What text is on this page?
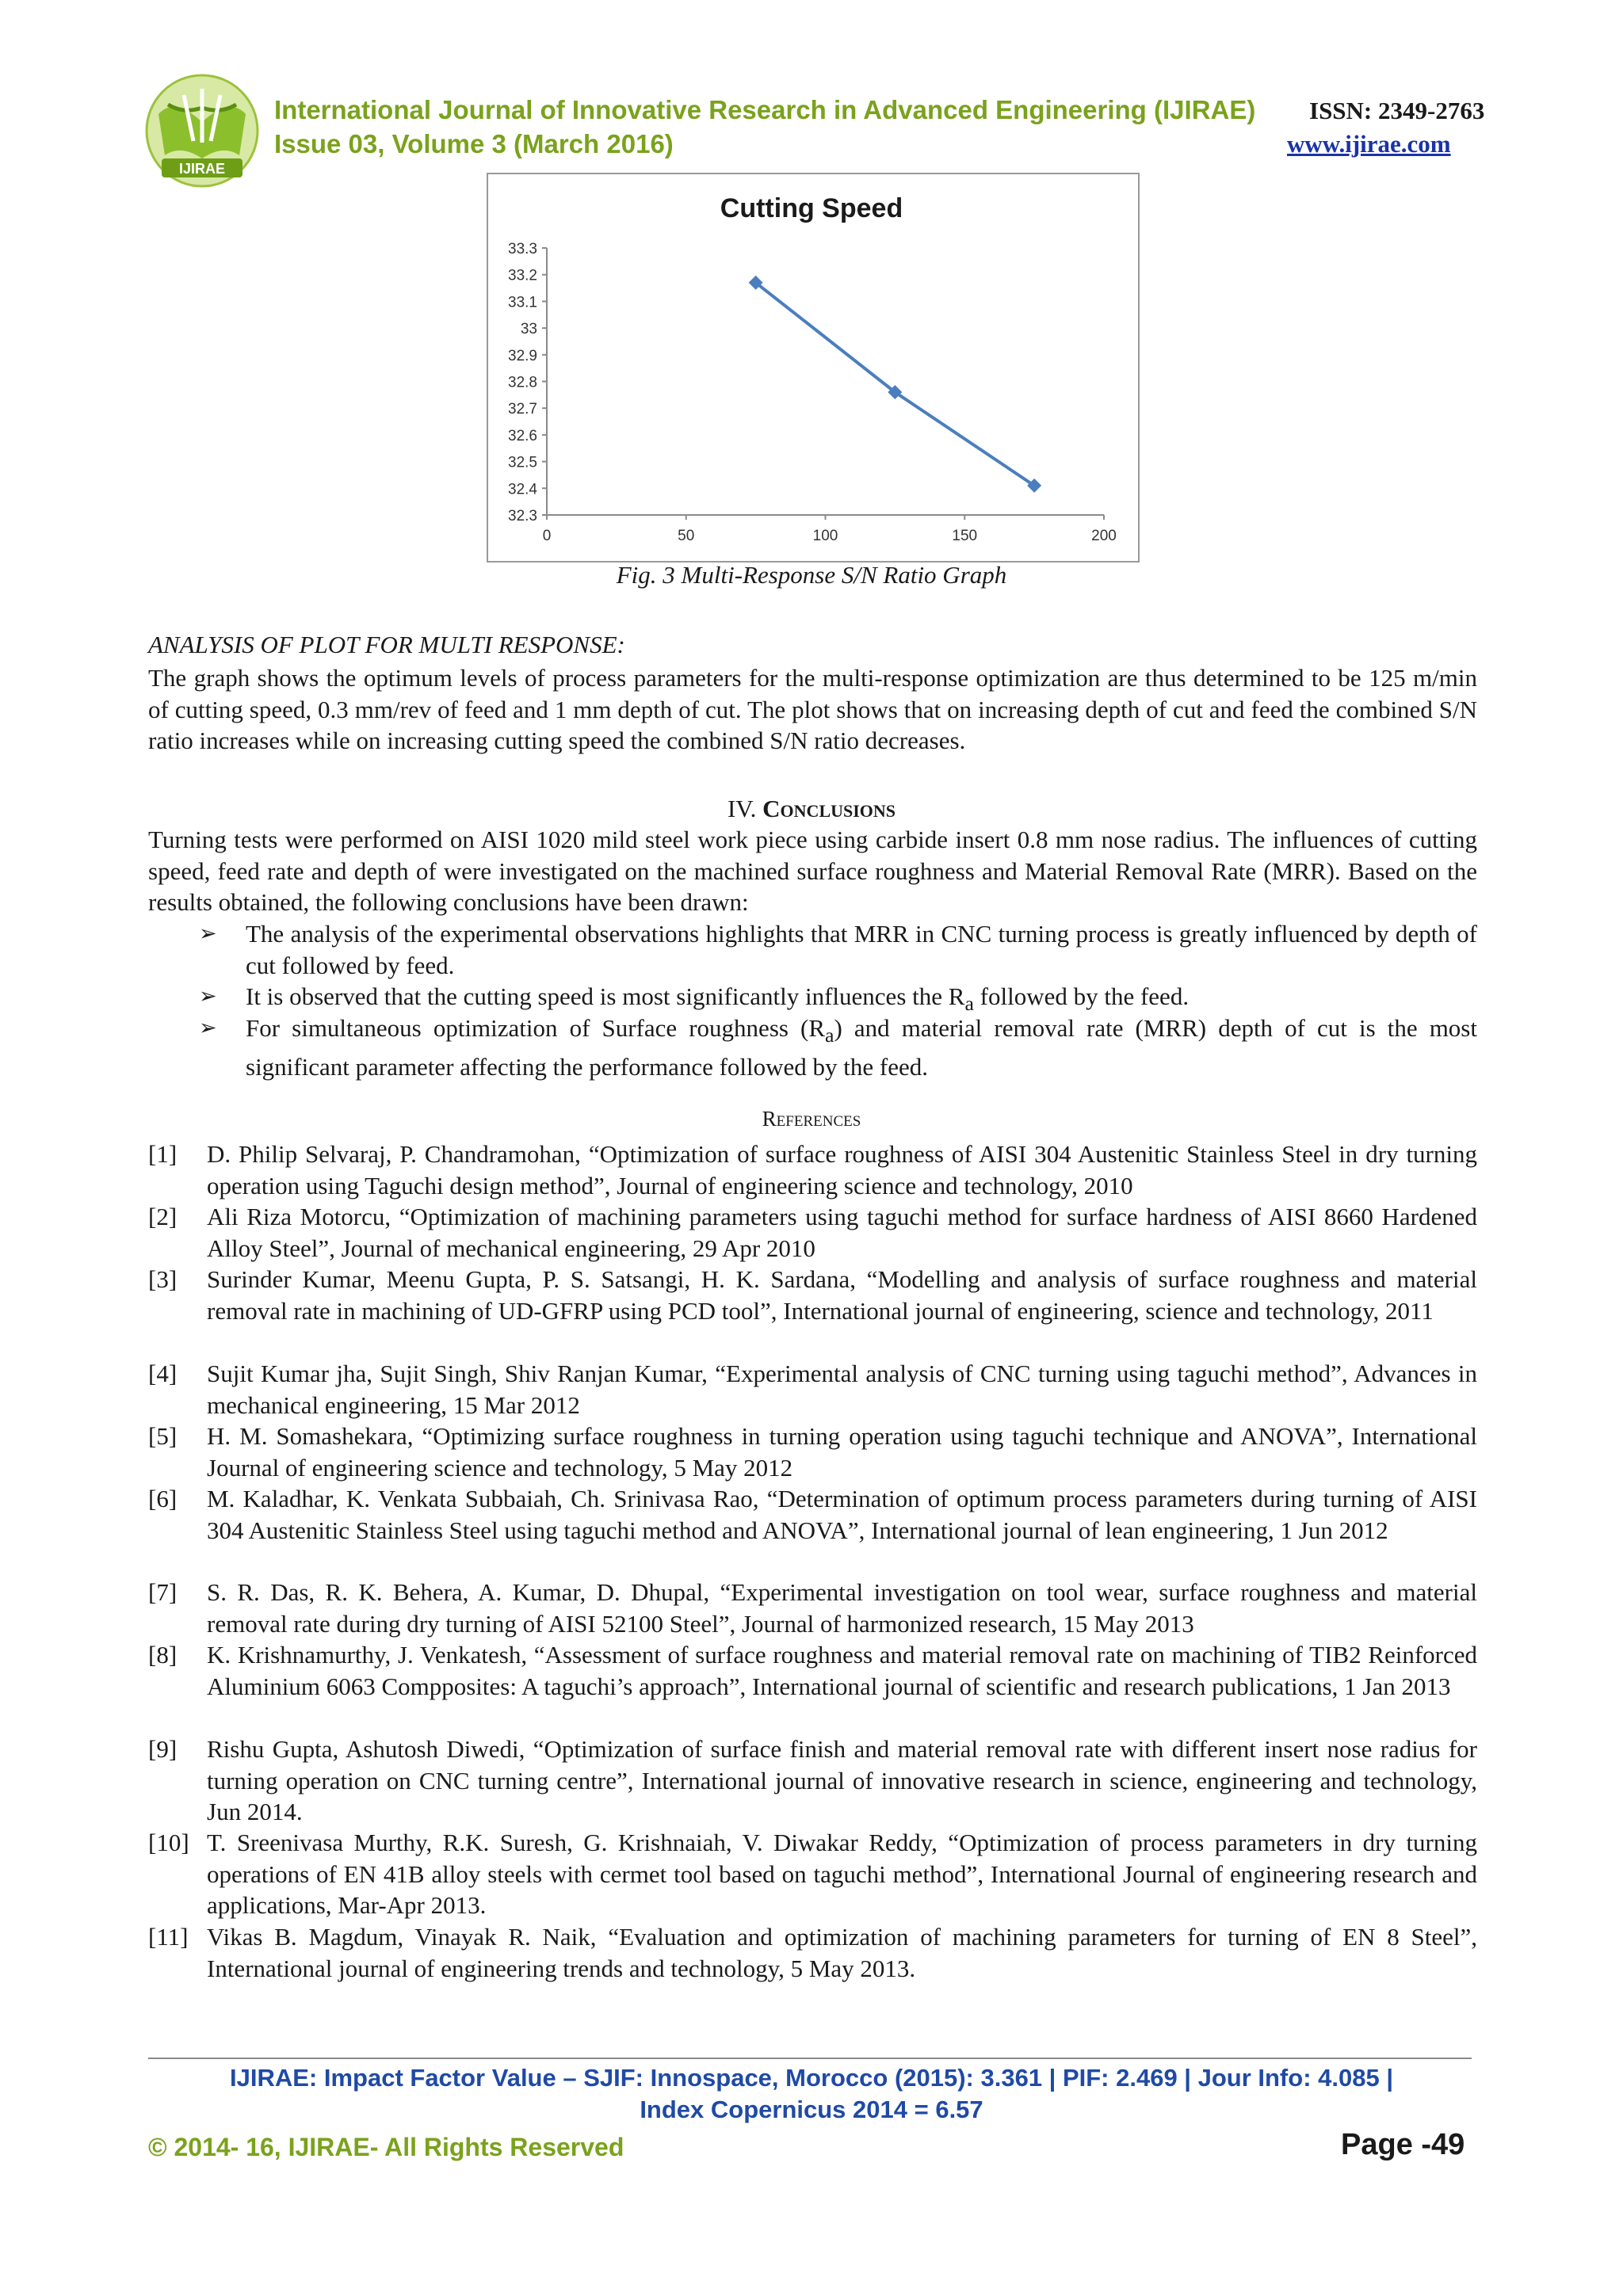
IJIRAE
International Journal of Innovative Research in Advanced Engineering (IJIRAE)
Issue 03, Volume 3 (March 2016)
ISSN: 2349-2763
www.ijirae.com
Cutting Speed
32.3
32.4
32.5
32.6
32.7
32.8
32.9
33
33.1
33.2
33.3
0	50	100	150	200
Fig. 3 Multi-Response S/N Ratio Graph
ANALYSIS OF PLOT FOR MULTI RESPONSE:
The graph shows the optimum levels of process parameters for the multi-response optimization are thus determined to be 125 m/min of cutting speed, 0.3 mm/rev of feed and 1 mm depth of cut. The plot shows that on increasing depth of cut and feed the combined S/N ratio increases while on increasing cutting speed the combined S/N ratio decreases.
IV. Conclusions
Turning tests were performed on AISI 1020 mild steel work piece using carbide insert 0.8 mm nose radius. The influences of cutting speed, feed rate and depth of were investigated on the machined surface roughness and Material Removal Rate (MRR). Based on the results obtained, the following conclusions have been drawn:
➢ The analysis of the experimental observations highlights that MRR in CNC turning process is greatly influenced by depth of cut followed by feed.
➢ It is observed that the cutting speed is most significantly influences the $R_a$ followed by the feed.
➢ For simultaneous optimization of Surface roughness $(R_a)$ and material removal rate (MRR) depth of cut is the most significant parameter affecting the performance followed by the feed.
References
[1] D. Philip Selvaraj, P. Chandramohan, “Optimization of surface roughness of AISI 304 Austenitic Stainless Steel in dry turning operation using Taguchi design method”, Journal of engineering science and technology, 2010
[2] Ali Riza Motorcu, “Optimization of machining parameters using taguchi method for surface hardness of AISI 8660 Hardened Alloy Steel”, Journal of mechanical engineering, 29 Apr 2010
[3] Surinder Kumar, Meenu Gupta, P. S. Satsangi, H. K. Sardana, “Modelling and analysis of surface roughness and material removal rate in machining of UD-GFRP using PCD tool”, International journal of engineering, science and technology, 2011
[4] Sujit Kumar jha, Sujit Singh, Shiv Ranjan Kumar, “Experimental analysis of CNC turning using taguchi method”, Advances in mechanical engineering, 15 Mar 2012
[5] H. M. Somashekara, “Optimizing surface roughness in turning operation using taguchi technique and ANOVA”, International Journal of engineering science and technology, 5 May 2012
[6] M. Kaladhar, K. Venkata Subbaiah, Ch. Srinivasa Rao, “Determination of optimum process parameters during turning of AISI 304 Austenitic Stainless Steel using taguchi method and ANOVA”, International journal of lean engineering, 1 Jun 2012
[7] S. R. Das, R. K. Behera, A. Kumar, D. Dhupal, “Experimental investigation on tool wear, surface roughness and material removal rate during dry turning of AISI 52100 Steel”, Journal of harmonized research, 15 May 2013
[8] K. Krishnamurthy, J. Venkatesh, “Assessment of surface roughness and material removal rate on machining of TIB2 Reinforced Aluminium 6063 Compposites: A taguchi’s approach”, International journal of scientific and research publications, 1 Jan 2013
[9] Rishu Gupta, Ashutosh Diwedi, “Optimization of surface finish and material removal rate with different insert nose radius for turning operation on CNC turning centre”, International journal of innovative research in science, engineering and technology, Jun 2014.
[10] T. Sreenivasa Murthy, R.K. Suresh, G. Krishnaiah, V. Diwakar Reddy, “Optimization of process parameters in dry turning operations of EN 41B alloy steels with cermet tool based on taguchi method”, International Journal of engineering research and applications, Mar-Apr 2013.
[11] Vikas B. Magdum, Vinayak R. Naik, “Evaluation and optimization of machining parameters for turning of EN 8 Steel”, International journal of engineering trends and technology, 5 May 2013.
IJIRAE: Impact Factor Value – SJIF: Innospace, Morocco (2015): 3.361 | PIF: 2.469 | Jour Info: 4.085 |
Index Copernicus 2014 = 6.57
© 2014- 16, IJIRAE- All Rights Reserved	Page -49
